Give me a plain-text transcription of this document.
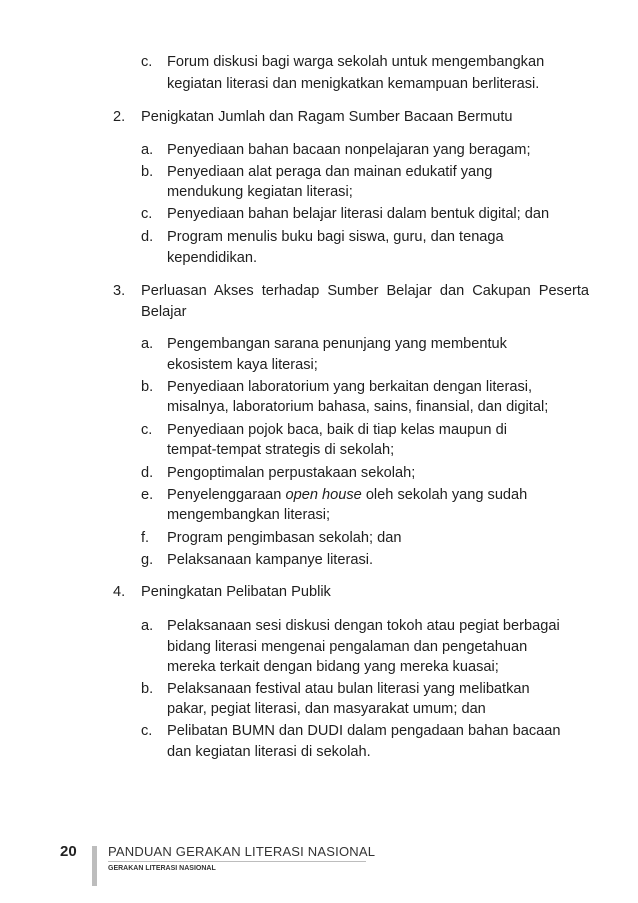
c. Forum diskusi bagi warga sekolah untuk mengembangkan
kegiatan literasi dan menigkatkan kemampuan berliterasi.
2. Penigkatan Jumlah dan Ragam Sumber Bacaan Bermutu
a. Penyediaan bahan bacaan nonpelajaran yang beragam;
b. Penyediaan alat peraga dan mainan edukatif yang
mendukung kegiatan literasi;
c. Penyediaan bahan belajar literasi dalam bentuk digital; dan
d. Program menulis buku bagi siswa, guru, dan tenaga
kependidikan.
3. Perluasan Akses terhadap Sumber Belajar dan Cakupan Peserta
Belajar
a. Pengembangan sarana penunjang yang membentuk
ekosistem kaya literasi;
b. Penyediaan laboratorium yang berkaitan dengan literasi,
misalnya, laboratorium bahasa, sains, finansial, dan digital;
c. Penyediaan pojok baca, baik di tiap kelas maupun di
tempat-tempat strategis di sekolah;
d. Pengoptimalan perpustakaan sekolah;
e. Penyelenggaraan open house oleh sekolah yang sudah
mengembangkan literasi;
f. Program pengimbasan sekolah; dan
g. Pelaksanaan kampanye literasi.
4. Peningkatan Pelibatan Publik
a. Pelaksanaan sesi diskusi dengan tokoh atau pegiat berbagai
bidang literasi mengenai pengalaman dan pengetahuan
mereka terkait dengan bidang yang mereka kuasai;
b. Pelaksanaan festival atau bulan literasi yang melibatkan
pakar, pegiat literasi, dan masyarakat umum; dan
c. Pelibatan BUMN dan DUDI dalam pengadaan bahan bacaan
dan kegiatan literasi di sekolah.
20 PANDUAN GERAKAN LITERASI NASIONAL
GERAKAN LITERASI NASIONAL
